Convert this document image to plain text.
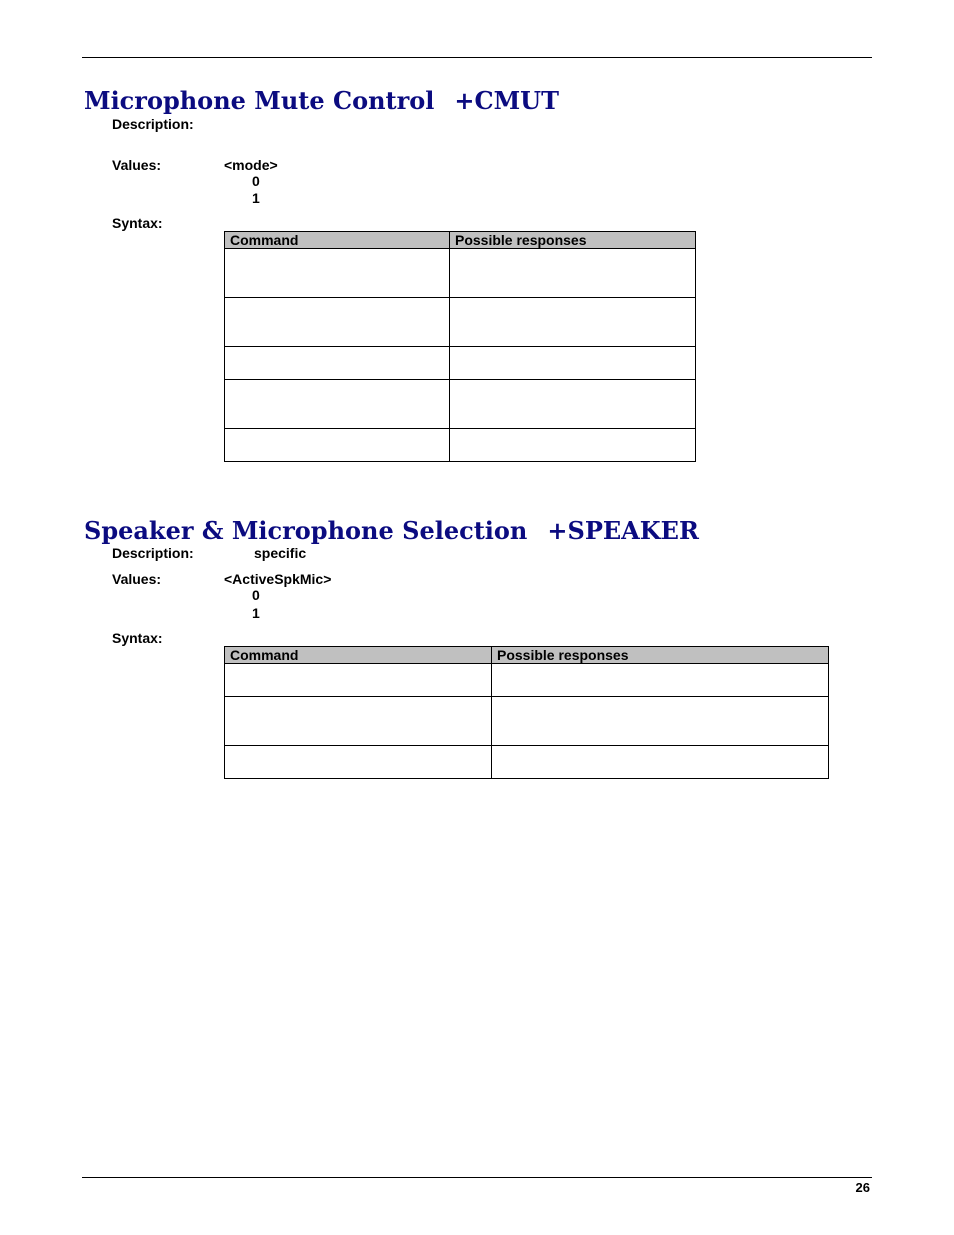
Microphone Mute Control +CMUT
Description:
Values:	<mode>
0
1
Syntax:
Command	Possible responses

Speaker & Microphone Selection +SPEAKER
Description:	specific
Values:	<ActiveSpkMic>
0
1
Syntax:
Command	Possible responses

26
